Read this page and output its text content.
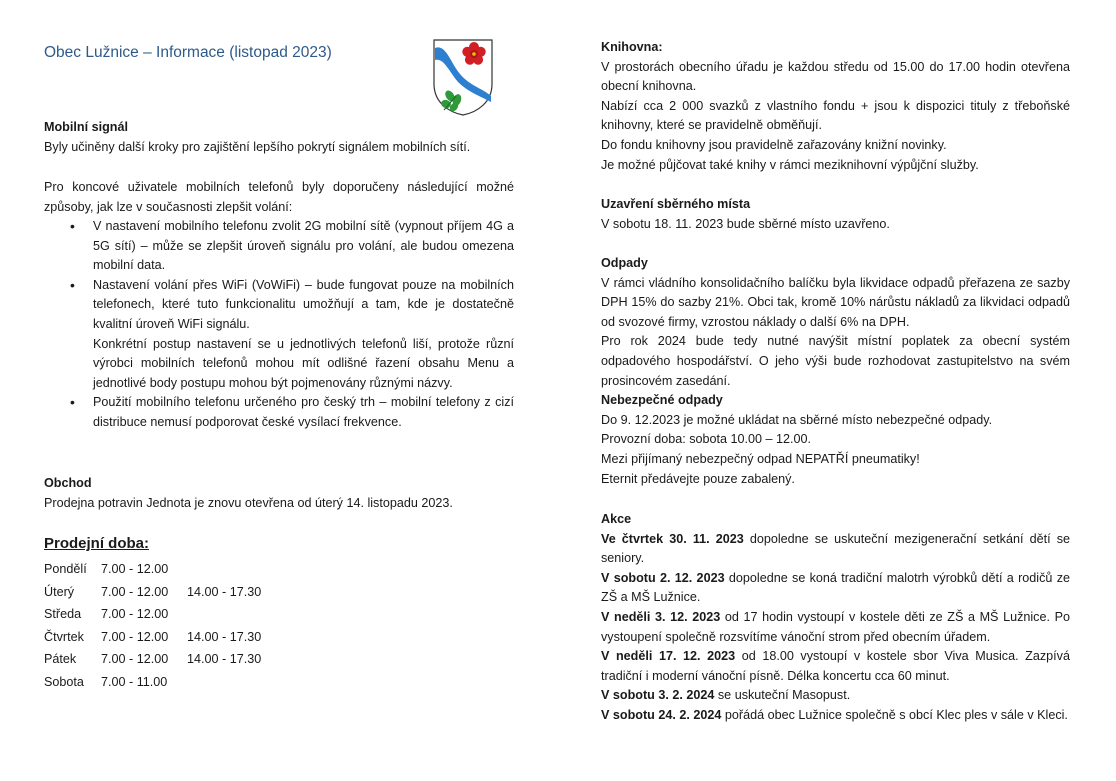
Obec Lužnice – Informace (listopad 2023)

Mobilní signál

Byly učiněny další kroky pro zajištění lepšího pokrytí signálem mobilních sítí.

Pro koncové uživatele mobilních telefonů byly doporučeny následující možné způsoby, jak lze v současnosti zlepšit volání:

• V nastavení mobilního telefonu zvolit 2G mobilní sítě (vypnout příjem 4G a 5G sítí) – může se zlepšit úroveň signálu pro volání, ale budou omezena mobilní data.
• Nastavení volání přes WiFi (VoWiFi) – bude fungovat pouze na mobilních telefonech, které tuto funkcionalitu umožňují a tam, kde je dostatečně kvalitní úroveň WiFi signálu.
Konkrétní postup nastavení se u jednotlivých telefonů liší, protože různí výrobci mobilních telefonů mohou mít odlišné řazení obsahu Menu a jednotlivé body postupu mohou být pojmenovány různými názvy.
• Použití mobilního telefonu určeného pro český trh – mobilní telefony z cizí distribuce nemusí podporovat české vysílací frekvence.

Obchod

Prodejna potravin Jednota je znovu otevřena od úterý 14. listopadu 2023.

Prodejní doba:
Pondělí	7.00 - 12.00	
Úterý	7.00 - 12.00	14.00 - 17.30
Středa	7.00 - 12.00	
Čtvrtek	7.00 - 12.00	14.00 - 17.30
Pátek	7.00 - 12.00	14.00 - 17.30
Sobota	7.00 - 11.00	

Knihovna:

V prostorách obecního úřadu je každou středu od 15.00 do 17.00 hodin otevřena obecní knihovna.

Nabízí cca 2 000 svazků z vlastního fondu + jsou k dispozici tituly z třeboňské knihovny, které se pravidelně obměňují.

Do fondu knihovny jsou pravidelně zařazovány knižní novinky.

Je možné půjčovat také knihy v rámci meziknihovní výpůjční služby.

Uzavření sběrného místa

V sobotu 18. 11. 2023 bude sběrné místo uzavřeno.

Odpady

V rámci vládního konsolidačního balíčku byla likvidace odpadů přeřazena ze sazby DPH 15% do sazby 21%. Obci tak, kromě 10% nárůstu nákladů za likvidaci odpadů od svozové firmy, vzrostou náklady o další 6% na DPH.

Pro rok 2024 bude tedy nutné navýšit místní poplatek za obecní systém odpadového hospodářství. O jeho výši bude rozhodovat zastupitelstvo na svém prosincovém zasedání.

Nebezpečné odpady

Do 9. 12.2023 je možné ukládat na sběrné místo nebezpečné odpady.

Provozní doba: sobota 10.00 – 12.00.

Mezi přijímaný nebezpečný odpad NEPATŘÍ pneumatiky!

Eternit předávejte pouze zabalený.

Akce

Ve čtvrtek 30. 11. 2023 dopoledne se uskuteční mezigenerační setkání dětí se seniory.

V sobotu 2. 12. 2023 dopoledne se koná tradiční malotrh výrobků dětí a rodičů ze ZŠ a MŠ Lužnice.

V neděli 3. 12. 2023 od 17 hodin vystoupí v kostele děti ze ZŠ a MŠ Lužnice. Po vystoupení společně rozsvítíme vánoční strom před obecním úřadem.

V neděli 17. 12. 2023 od 18.00 vystoupí v kostele sbor Viva Musica. Zazpívá tradiční i moderní vánoční písně. Délka koncertu cca 60 minut.

V sobotu 3. 2. 2024 se uskuteční Masopust.

V sobotu 24. 2. 2024 pořádá obec Lužnice společně s obcí Klec ples v sále v Kleci.
